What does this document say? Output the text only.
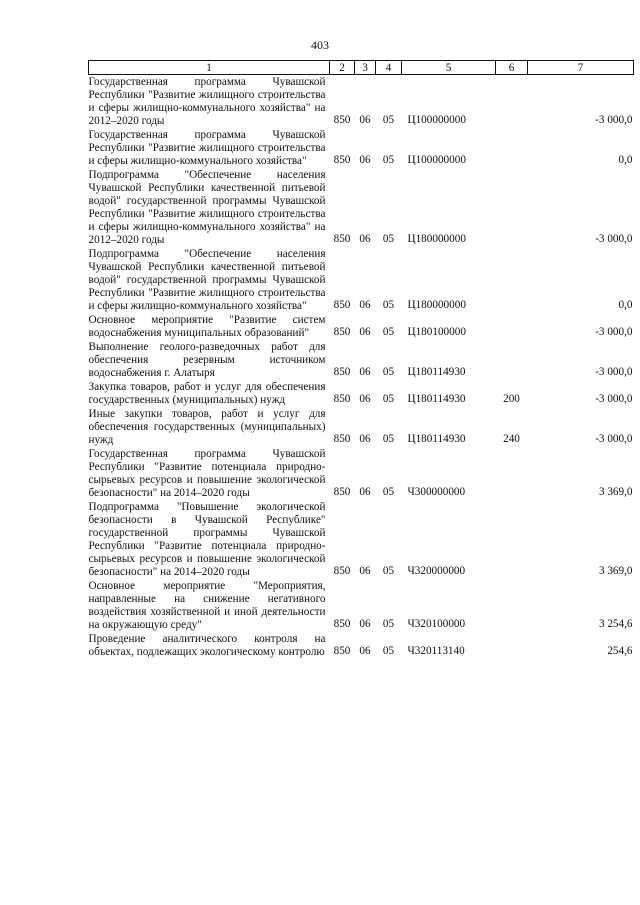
403
1	2	3	4	5	6	7
Государственная программа Чувашской Республики "Развитие жилищного строительства и сферы жилищно-коммунального хозяйства" на 2012–2020 годы	850	06	05	Ц100000000		-3 000,0
Государственная программа Чувашской Республики "Развитие жилищного строительства и сферы жилищно-коммунального хозяйства"	850	06	05	Ц100000000		0,0
Подпрограмма "Обеспечение населения Чувашской Республики качественной питьевой водой" государственной программы Чувашской Республики "Развитие жилищного строительства и сферы жилищно-коммунального хозяйства" на 2012–2020 годы	850	06	05	Ц180000000		-3 000,0
Подпрограмма "Обеспечение населения Чувашской Республики качественной питьевой водой" государственной программы Чувашской Республики "Развитие жилищного строительства и сферы жилищно-коммунального хозяйства"	850	06	05	Ц180000000		0,0
Основное мероприятие "Развитие систем водоснабжения муниципальных образований"	850	06	05	Ц180100000		-3 000,0
Выполнение геолого-разведочных работ для обеспечения резервным источником водоснабжения г. Алатыря	850	06	05	Ц180114930		-3 000,0
Закупка товаров, работ и услуг для обеспечения государственных (муниципальных) нужд	850	06	05	Ц180114930	200	-3 000,0
Иные закупки товаров, работ и услуг для обеспечения государственных (муниципальных) нужд	850	06	05	Ц180114930	240	-3 000,0
Государственная программа Чувашской Республики "Развитие потенциала природно-сырьевых ресурсов и повышение экологической безопасности" на 2014–2020 годы	850	06	05	Ч300000000		3 369,0
Подпрограмма "Повышение экологической безопасности в Чувашской Республике" государственной программы Чувашской Республики "Развитие потенциала природно-сырьевых ресурсов и повышение экологической безопасности" на 2014–2020 годы	850	06	05	Ч320000000		3 369,0
Основное мероприятие "Мероприятия, направленные на снижение негативного воздействия хозяйственной и иной деятельности на окружающую среду"	850	06	05	Ч320100000		3 254,6
Проведение аналитического контроля на объектах, подлежащих экологическому контролю	850	06	05	Ч320113140		254,6
